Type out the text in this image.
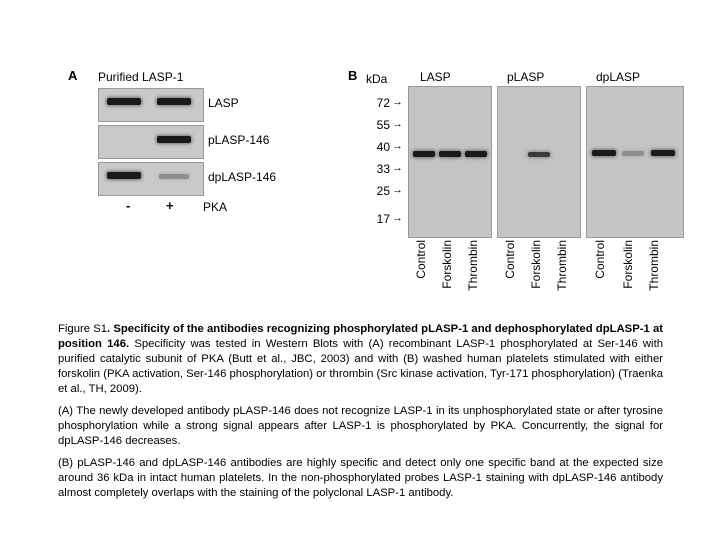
A Purified LASP-1
LASP
pLASP-146
dpLASP-146
-	+ PKA
B kDa
72 →
55 →
40 →
33 →
25 →
17 →
LASP	pLASP	dpLASP
Control Forskolin Thrombin Control Forskolin Thrombin Control Forskolin Thrombin

Figure S1. Specificity of the antibodies recognizing phosphorylated pLASP-1 and dephosphorylated dpLASP-1 at position 146. Specificity was tested in Western Blots with (A) recombinant LASP-1 phosphorylated at Ser-146 with purified catalytic subunit of PKA (Butt et al., JBC, 2003) and with (B) washed human platelets stimulated with either forskolin (PKA activation, Ser-146 phosphorylation) or thrombin (Src kinase activation, Tyr-171 phosphorylation) (Traenka et al., TH, 2009).

(A) The newly developed antibody pLASP-146 does not recognize LASP-1 in its unphosphorylated state or after tyrosine phosphorylation while a strong signal appears after LASP-1 is phosphorylated by PKA. Concurrently, the signal for dpLASP-146 decreases.

(B) pLASP-146 and dpLASP-146 antibodies are highly specific and detect only one specific band at the expected size around 36 kDa in intact human platelets. In the non-phosphorylated probes LASP-1 staining with dpLASP-146 antibody almost completely overlaps with the staining of the polyclonal LASP-1 antibody.
